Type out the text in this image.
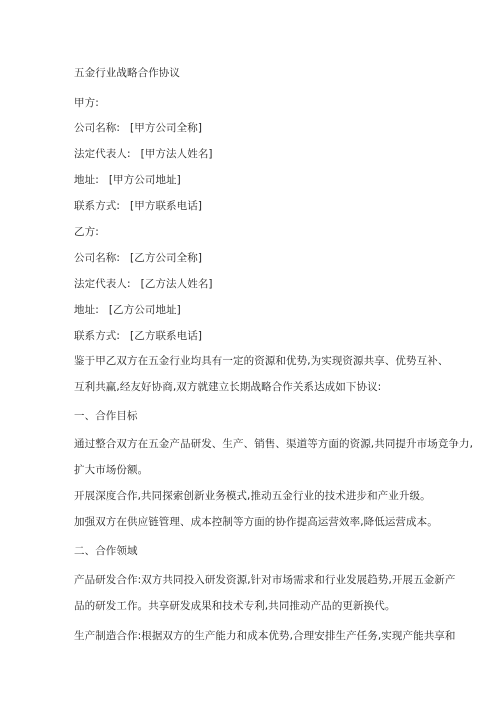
五金行业战略合作协议
甲方:
公司名称: [甲方公司全称]
法定代表人: [甲方法人姓名]
地址: [甲方公司地址]
联系方式: [甲方联系电话]
乙方:
公司名称: [乙方公司全称]
法定代表人: [乙方法人姓名]
地址: [乙方公司地址]
联系方式: [乙方联系电话]
鉴于甲乙双方在五金行业均具有一定的资源和优势,为实现资源共享、优势互补、
互利共赢,经友好协商,双方就建立长期战略合作关系达成如下协议:
一、合作目标
通过整合双方在五金产品研发、生产、销售、渠道等方面的资源,共同提升市场竞争力,
扩大市场份额。
开展深度合作,共同探索创新业务模式,推动五金行业的技术进步和产业升级。
加强双方在供应链管理、成本控制等方面的协作提高运营效率,降低运营成本。
二、合作领域
产品研发合作:双方共同投入研发资源,针对市场需求和行业发展趋势,开展五金新产
品的研发工作。共享研发成果和技术专利,共同推动产品的更新换代。
生产制造合作:根据双方的生产能力和成本优势,合理安排生产任务,实现产能共享和
